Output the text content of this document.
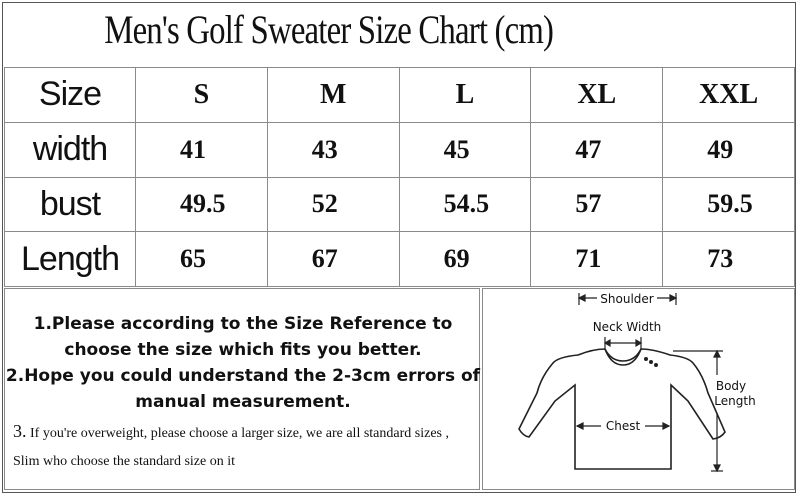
Men's Golf Sweater Size Chart (cm)
Size	S	M	L	XL	XXL
width	41	43	45	47	49
bust	49.5	52	54.5	57	59.5
Length	65	67	69	71	73
1.Please according to the Size Reference to
choose the size which fits you better.
2.Hope you could understand the 2-3cm errors of
manual measurement.
3. If you're overweight, please choose a larger size, we are all standard sizes ,
Slim who choose the standard size on it
Shoulder
Neck Width
Chest
Body
Length
